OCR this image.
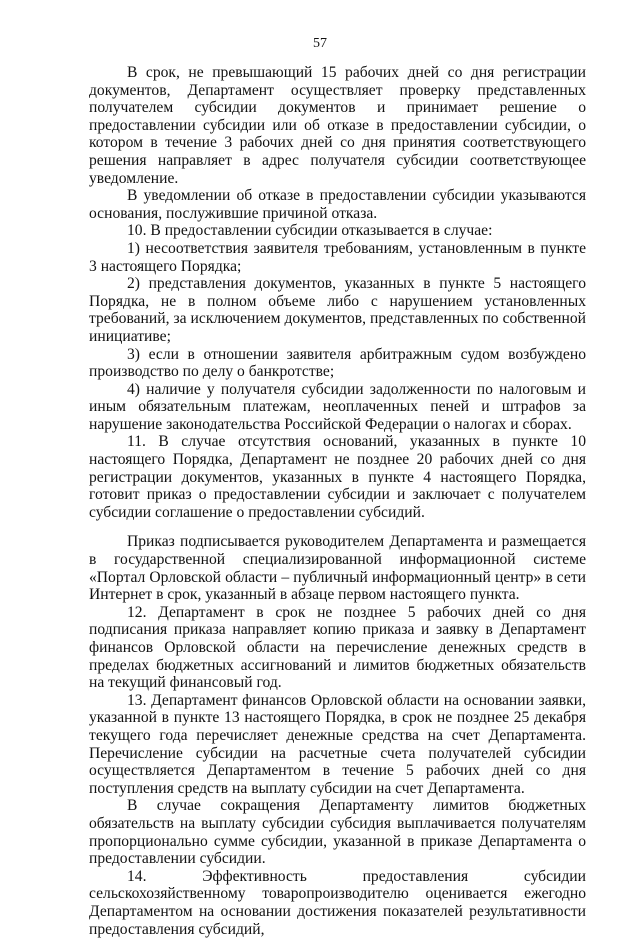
57

В срок, не превышающий 15 рабочих дней со дня регистрации документов, Департамент осуществляет проверку представленных получателем субсидии документов и принимает решение о предоставлении субсидии или об отказе в предоставлении субсидии, о котором в течение 3 рабочих дней со дня принятия соответствующего решения направляет в адрес получателя субсидии соответствующее уведомление.

В уведомлении об отказе в предоставлении субсидии указываются основания, послужившие причиной отказа.

10. В предоставлении субсидии отказывается в случае:

1) несоответствия заявителя требованиям, установленным в пункте 3 настоящего Порядка;

2) представления документов, указанных в пункте 5 настоящего Порядка, не в полном объеме либо с нарушением установленных требований, за исключением документов, представленных по собственной инициативе;

3) если в отношении заявителя арбитражным судом возбуждено производство по делу о банкротстве;

4) наличие у получателя субсидии задолженности по налоговым и иным обязательным платежам, неоплаченных пеней и штрафов за нарушение законодательства Российской Федерации о налогах и сборах.

11. В случае отсутствия оснований, указанных в пункте 10 настоящего Порядка, Департамент не позднее 20 рабочих дней со дня регистрации документов, указанных в пункте 4 настоящего Порядка, готовит приказ о предоставлении субсидии и заключает с получателем субсидии соглашение о предоставлении субсидий.

Приказ подписывается руководителем Департамента и размещается в государственной специализированной информационной системе «Портал Орловской области – публичный информационный центр» в сети Интернет в срок, указанный в абзаце первом настоящего пункта.

12. Департамент в срок не позднее 5 рабочих дней со дня подписания приказа направляет копию приказа и заявку в Департамент финансов Орловской области на перечисление денежных средств в пределах бюджетных ассигнований и лимитов бюджетных обязательств на текущий финансовый год.

13. Департамент финансов Орловской области на основании заявки, указанной в пункте 13 настоящего Порядка, в срок не позднее 25 декабря текущего года перечисляет денежные средства на счет Департамента. Перечисление субсидии на расчетные счета получателей субсидии осуществляется Департаментом в течение 5 рабочих дней со дня поступления средств на выплату субсидии на счет Департамента.

В случае сокращения Департаменту лимитов бюджетных обязательств на выплату субсидии субсидия выплачивается получателям пропорционально сумме субсидии, указанной в приказе Департамента о предоставлении субсидии.

14. Эффективность предоставления субсидии сельскохозяйственному товаропроизводителю оценивается ежегодно Департаментом на основании достижения показателей результативности предоставления субсидий,
